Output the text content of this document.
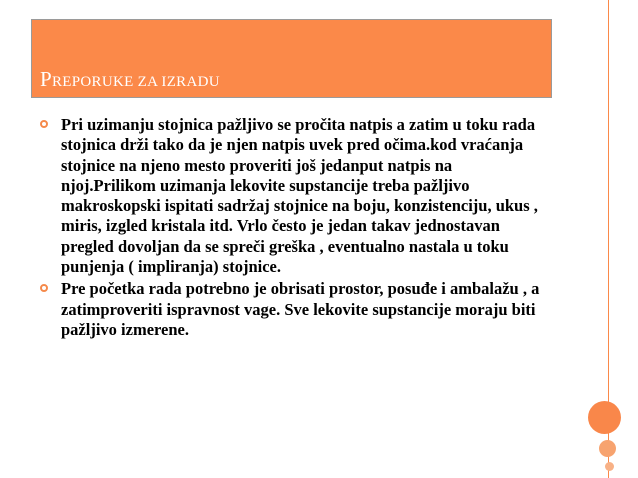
PREPORUKE ZA IZRADU
Pri uzimanju stojnica pažljivo se pročita natpis a zatim u toku rada stojnica drži tako da je njen natpis uvek pred očima.kod vraćanja stojnice na njeno mesto proveriti još jedanput natpis na njoj.Prilikom uzimanja lekovite supstancije treba pažljivo makroskopski ispitati sadržaj stojnice na boju, konzistenciju, ukus , miris, izgled kristala itd. Vrlo često je jedan takav jednostavan pregled dovoljan da se spreči greška , eventualno nastala u toku punjenja ( impliranja) stojnice.
Pre početka rada potrebno je obrisati prostor, posuđe i ambalažu , a zatimproveriti ispravnost vage. Sve lekovite supstancije moraju biti pažljivo izmerene.
